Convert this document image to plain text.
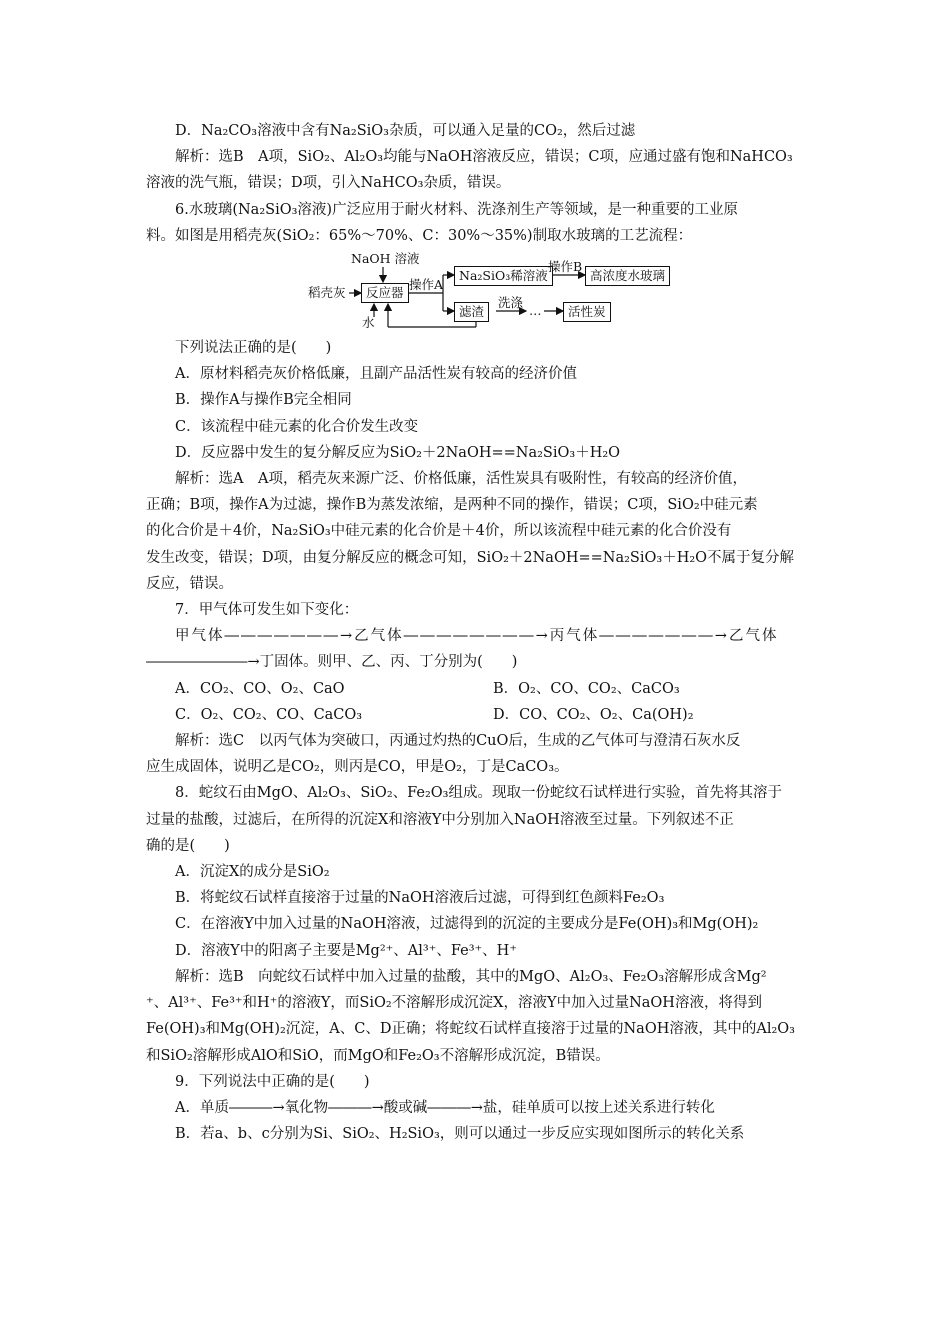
D．Na₂CO₃溶液中含有Na₂SiO₃杂质，可以通入足量的CO₂，然后过滤

解析：选B　A项，SiO₂、Al₂O₃均能与NaOH溶液反应，错误；C项，应通过盛有饱和NaHCO₃

溶液的洗气瓶，错误；D项，引入NaHCO₃杂质，错误。

6.水玻璃(Na₂SiO₃溶液)广泛应用于耐火材料、洗涤剂生产等领域，是一种重要的工业原

料。如图是用稻壳灰(SiO₂：65%～70%、C：30%～35%)制取水玻璃的工艺流程：

NaOH 溶液
稻壳灰	反应器
操作A
Na₂SiO₃稀溶液
操作B
高浓度水玻璃
滤渣
洗涤
…	活性炭
水

下列说法正确的是(　　)

A．原材料稻壳灰价格低廉，且副产品活性炭有较高的经济价值

B．操作A与操作B完全相同

C．该流程中硅元素的化合价发生改变

D．反应器中发生的复分解反应为SiO₂＋2NaOH==Na₂SiO₃＋H₂O

解析：选A　A项，稻壳灰来源广泛、价格低廉，活性炭具有吸附性，有较高的经济价值，

正确；B项，操作A为过滤，操作B为蒸发浓缩，是两种不同的操作，错误；C项，SiO₂中硅元素

的化合价是＋4价，Na₂SiO₃中硅元素的化合价是＋4价，所以该流程中硅元素的化合价没有

发生改变，错误；D项，由复分解反应的概念可知，SiO₂＋2NaOH==Na₂SiO₃＋H₂O不属于复分解

反应，错误。

7．甲气体可发生如下变化：

甲气体―――――――→乙气体――――――――→丙气体―――――――→乙气体

―――――――→丁固体。则甲、乙、丙、丁分别为(　　)

A．CO₂、CO、O₂、CaO	B．O₂、CO、CO₂、CaCO₃
C．O₂、CO₂、CO、CaCO₃	D．CO、CO₂、O₂、Ca(OH)₂

解析：选C　以丙气体为突破口，丙通过灼热的CuO后，生成的乙气体可与澄清石灰水反

应生成固体，说明乙是CO₂，则丙是CO，甲是O₂，丁是CaCO₃。

8．蛇纹石由MgO、Al₂O₃、SiO₂、Fe₂O₃组成。现取一份蛇纹石试样进行实验，首先将其溶于

过量的盐酸，过滤后，在所得的沉淀X和溶液Y中分别加入NaOH溶液至过量。下列叙述不正

确的是(　　)

A．沉淀X的成分是SiO₂

B．将蛇纹石试样直接溶于过量的NaOH溶液后过滤，可得到红色颜料Fe₂O₃

C．在溶液Y中加入过量的NaOH溶液，过滤得到的沉淀的主要成分是Fe(OH)₃和Mg(OH)₂

D．溶液Y中的阳离子主要是Mg²⁺、Al³⁺、Fe³⁺、H⁺

解析：选B　向蛇纹石试样中加入过量的盐酸，其中的MgO、Al₂O₃、Fe₂O₃溶解形成含Mg²

⁺、Al³⁺、Fe³⁺和H⁺的溶液Y，而SiO₂不溶解形成沉淀X，溶液Y中加入过量NaOH溶液，将得到

Fe(OH)₃和Mg(OH)₂沉淀，A、C、D正确；将蛇纹石试样直接溶于过量的NaOH溶液，其中的Al₂O₃

和SiO₂溶解形成AlO和SiO，而MgO和Fe₂O₃不溶解形成沉淀，B错误。

9．下列说法中正确的是(　　)

A．单质―――→氧化物―――→酸或碱―――→盐，硅单质可以按上述关系进行转化

B．若a、b、c分别为Si、SiO₂、H₂SiO₃，则可以通过一步反应实现如图所示的转化关系
